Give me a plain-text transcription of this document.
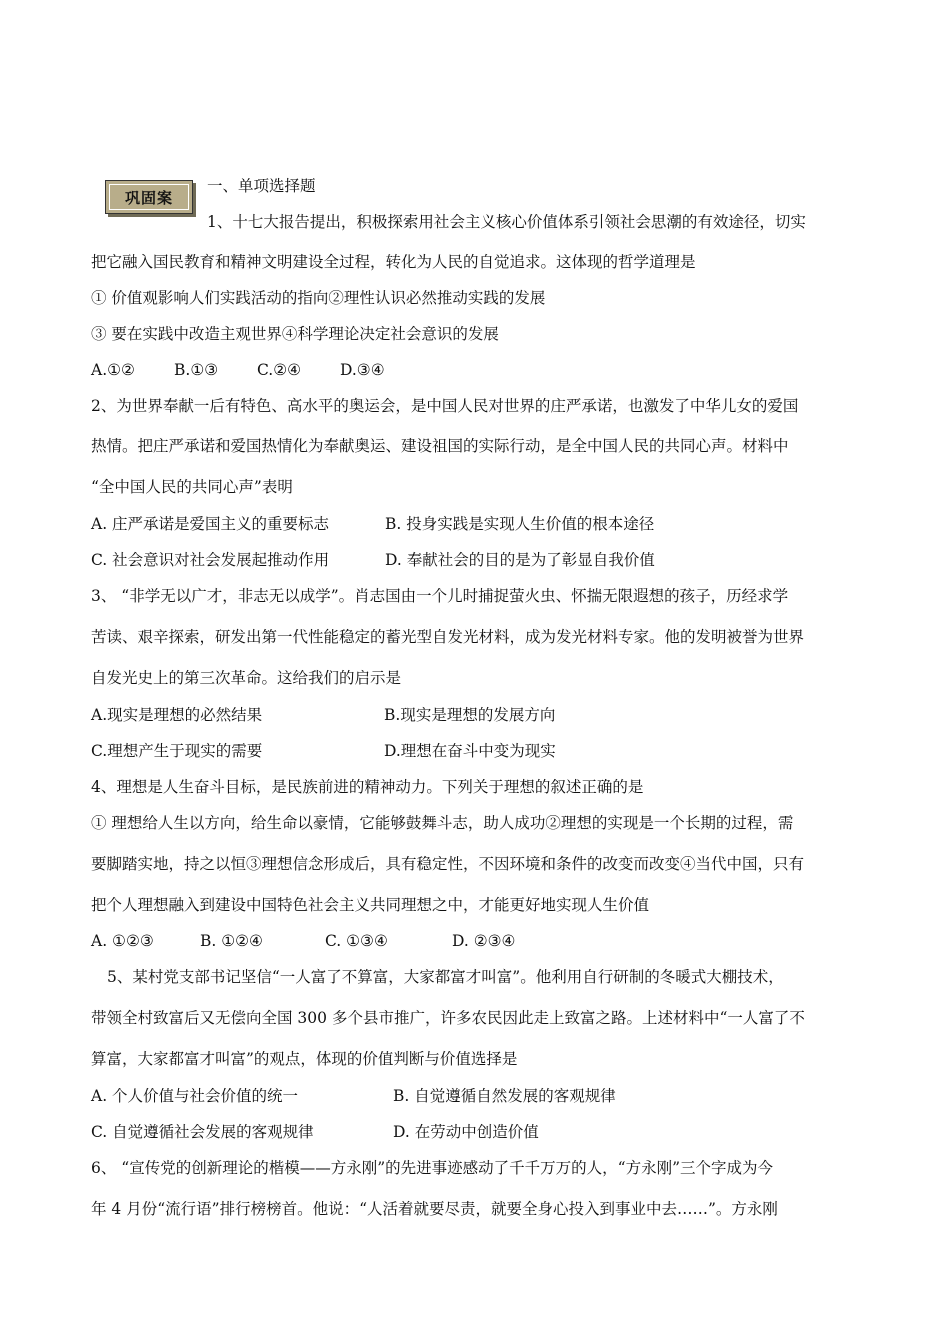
巩固案
一、单项选择题
1、十七大报告提出，积极探索用社会主义核心价值体系引领社会思潮的有效途径，切实
把它融入国民教育和精神文明建设全过程，转化为人民的自觉追求。这体现的哲学道理是
① 价值观影响人们实践活动的指向②理性认识必然推动实践的发展
③ 要在实践中改造主观世界④科学理论决定社会意识的发展
A.①②	B.①③	C.②④	D.③④
2、为世界奉献一后有特色、高水平的奥运会，是中国人民对世界的庄严承诺，也激发了中华儿女的爱国
热情。把庄严承诺和爱国热情化为奉献奥运、建设祖国的实际行动，是全中国人民的共同心声。材料中
“全中国人民的共同心声”表明
A. 庄严承诺是爱国主义的重要标志	B. 投身实践是实现人生价值的根本途径
C. 社会意识对社会发展起推动作用	D. 奉献社会的目的是为了彰显自我价值
3、 “非学无以广才，非志无以成学”。肖志国由一个儿时捕捉萤火虫、怀揣无限遐想的孩子，历经求学
苦读、艰辛探索，研发出第一代性能稳定的蓄光型自发光材料，成为发光材料专家。他的发明被誉为世界
自发光史上的第三次革命。这给我们的启示是
A.现实是理想的必然结果	B.现实是理想的发展方向
C.理想产生于现实的需要	D.理想在奋斗中变为现实
4、理想是人生奋斗目标，是民族前进的精神动力。下列关于理想的叙述正确的是
① 理想给人生以方向，给生命以豪情，它能够鼓舞斗志，助人成功②理想的实现是一个长期的过程，需
要脚踏实地，持之以恒③理想信念形成后，具有稳定性，不因环境和条件的改变而改变④当代中国，只有
把个人理想融入到建设中国特色社会主义共同理想之中，才能更好地实现人生价值
A. ①②③	B. ①②④	C. ①③④	D. ②③④
5、某村党支部书记坚信“一人富了不算富，大家都富才叫富”。他利用自行研制的冬暖式大棚技术，
带领全村致富后又无偿向全国 300 多个县市推广，许多农民因此走上致富之路。上述材料中“一人富了不
算富，大家都富才叫富”的观点，体现的价值判断与价值选择是
A. 个人价值与社会价值的统一	B. 自觉遵循自然发展的客观规律
C. 自觉遵循社会发展的客观规律	D. 在劳动中创造价值
6、 “宣传党的创新理论的楷模——方永刚”的先进事迹感动了千千万万的人，“方永刚”三个字成为今
年 4 月份“流行语”排行榜榜首。他说：“人活着就要尽责，就要全身心投入到事业中去……”。方永刚
